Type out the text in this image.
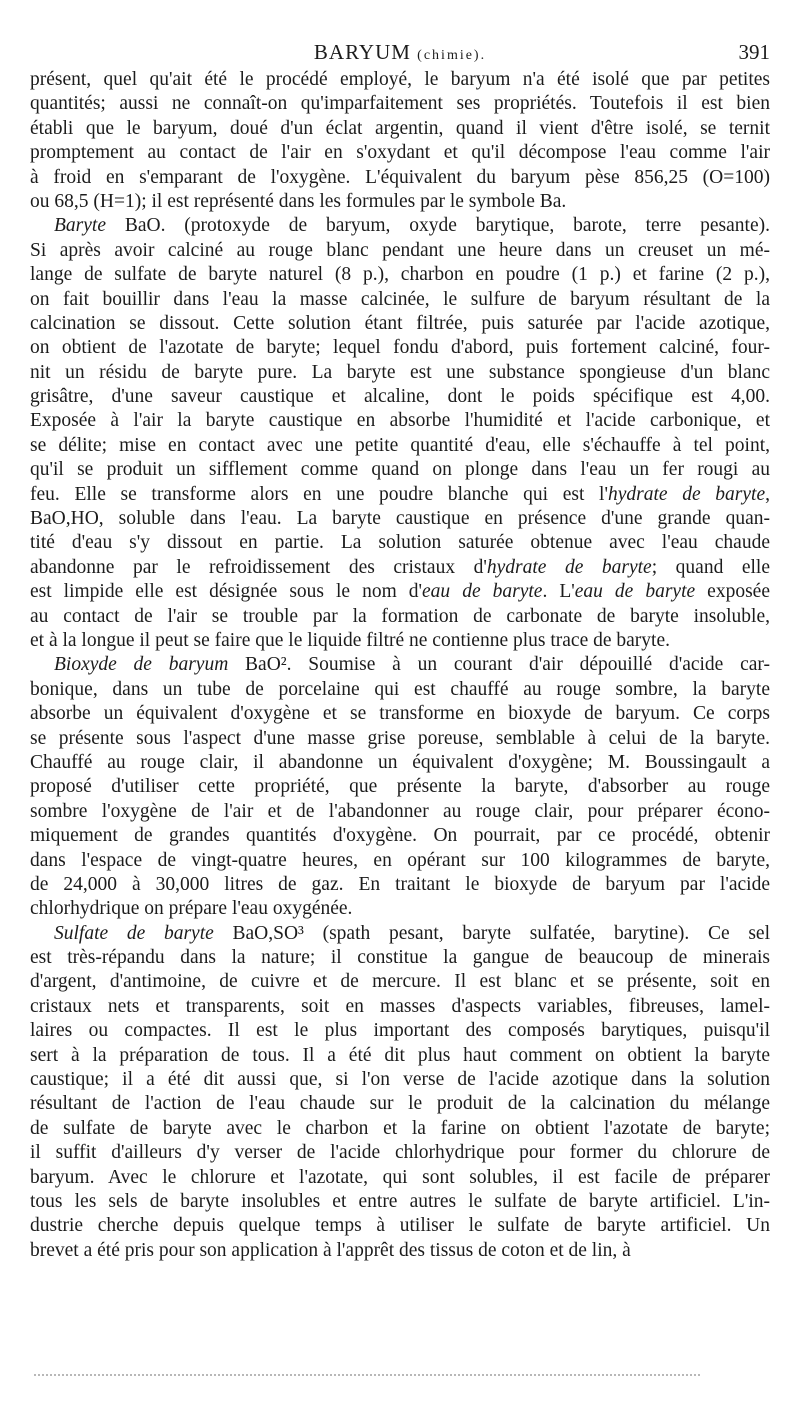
BARYUM (chimie).	391
présent, quel qu'ait été le procédé employé, le baryum n'a été isolé que par petites
quantités; aussi ne connaît-on qu'imparfaitement ses propriétés. Toutefois il est bien
établi que le baryum, doué d'un éclat argentin, quand il vient d'être isolé, se ternit
promptement au contact de l'air en s'oxydant et qu'il décompose l'eau comme l'air
à froid en s'emparant de l'oxygène. L'équivalent du baryum pèse 856,25 (O=100)
ou 68,5 (H=1); il est représenté dans les formules par le symbole Ba.
Baryte BaO. (protoxyde de baryum, oxyde barytique, barote, terre pesante).
Si après avoir calciné au rouge blanc pendant une heure dans un creuset un mé-
lange de sulfate de baryte naturel (8 p.), charbon en poudre (1 p.) et farine (2 p.),
on fait bouillir dans l'eau la masse calcinée, le sulfure de baryum résultant de la
calcination se dissout. Cette solution étant filtrée, puis saturée par l'acide azotique,
on obtient de l'azotate de baryte; lequel fondu d'abord, puis fortement calciné, four-
nit un résidu de baryte pure. La baryte est une substance spongieuse d'un blanc
grisâtre, d'une saveur caustique et alcaline, dont le poids spécifique est 4,00.
Exposée à l'air la baryte caustique en absorbe l'humidité et l'acide carbonique, et
se délite; mise en contact avec une petite quantité d'eau, elle s'échauffe à tel point,
qu'il se produit un sifflement comme quand on plonge dans l'eau un fer rougi au
feu. Elle se transforme alors en une poudre blanche qui est l'hydrate de baryte,
BaO,HO, soluble dans l'eau. La baryte caustique en présence d'une grande quan-
tité d'eau s'y dissout en partie. La solution saturée obtenue avec l'eau chaude
abandonne par le refroidissement des cristaux d'hydrate de baryte; quand elle
est limpide elle est désignée sous le nom d'eau de baryte. L'eau de baryte exposée
au contact de l'air se trouble par la formation de carbonate de baryte insoluble,
et à la longue il peut se faire que le liquide filtré ne contienne plus trace de baryte.
Bioxyde de baryum BaO². Soumise à un courant d'air dépouillé d'acide car-
bonique, dans un tube de porcelaine qui est chauffé au rouge sombre, la baryte
absorbe un équivalent d'oxygène et se transforme en bioxyde de baryum. Ce corps
se présente sous l'aspect d'une masse grise poreuse, semblable à celui de la baryte.
Chauffé au rouge clair, il abandonne un équivalent d'oxygène; M. Boussingault a
proposé d'utiliser cette propriété, que présente la baryte, d'absorber au rouge
sombre l'oxygène de l'air et de l'abandonner au rouge clair, pour préparer écono-
miquement de grandes quantités d'oxygène. On pourrait, par ce procédé, obtenir
dans l'espace de vingt-quatre heures, en opérant sur 100 kilogrammes de baryte,
de 24,000 à 30,000 litres de gaz. En traitant le bioxyde de baryum par l'acide
chlorhydrique on prépare l'eau oxygénée.
Sulfate de baryte BaO,SO³ (spath pesant, baryte sulfatée, barytine). Ce sel
est très-répandu dans la nature; il constitue la gangue de beaucoup de minerais
d'argent, d'antimoine, de cuivre et de mercure. Il est blanc et se présente, soit en
cristaux nets et transparents, soit en masses d'aspects variables, fibreuses, lamel-
laires ou compactes. Il est le plus important des composés barytiques, puisqu'il
sert à la préparation de tous. Il a été dit plus haut comment on obtient la baryte
caustique; il a été dit aussi que, si l'on verse de l'acide azotique dans la solution
résultant de l'action de l'eau chaude sur le produit de la calcination du mélange
de sulfate de baryte avec le charbon et la farine on obtient l'azotate de baryte;
il suffit d'ailleurs d'y verser de l'acide chlorhydrique pour former du chlorure de
baryum. Avec le chlorure et l'azotate, qui sont solubles, il est facile de préparer
tous les sels de baryte insolubles et entre autres le sulfate de baryte artificiel. L'in-
dustrie cherche depuis quelque temps à utiliser le sulfate de baryte artificiel. Un
brevet a été pris pour son application à l'apprêt des tissus de coton et de lin, à
